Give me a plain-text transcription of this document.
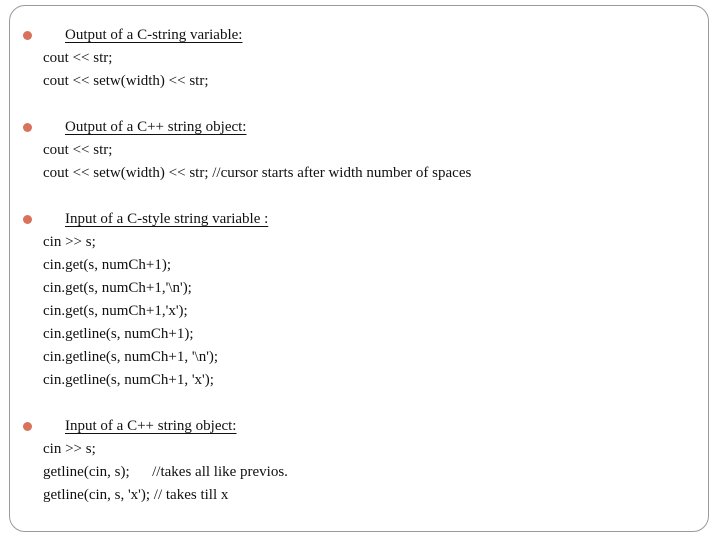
Output of a C-string variable:
cout << str;
cout << setw(width) << str;
Output of a C++ string object:
cout << str;
cout << setw(width) << str; //cursor starts after width number of spaces
Input of a C-style string variable :
cin >> s;
cin.get(s, numCh+1);
cin.get(s, numCh+1,'\n');
cin.get(s, numCh+1,'x');
cin.getline(s, numCh+1);
cin.getline(s, numCh+1, '\n');
cin.getline(s, numCh+1, 'x');
Input of a C++ string object:
cin >> s;
getline(cin, s);      //takes all like previos.
getline(cin, s, 'x'); // takes till x
